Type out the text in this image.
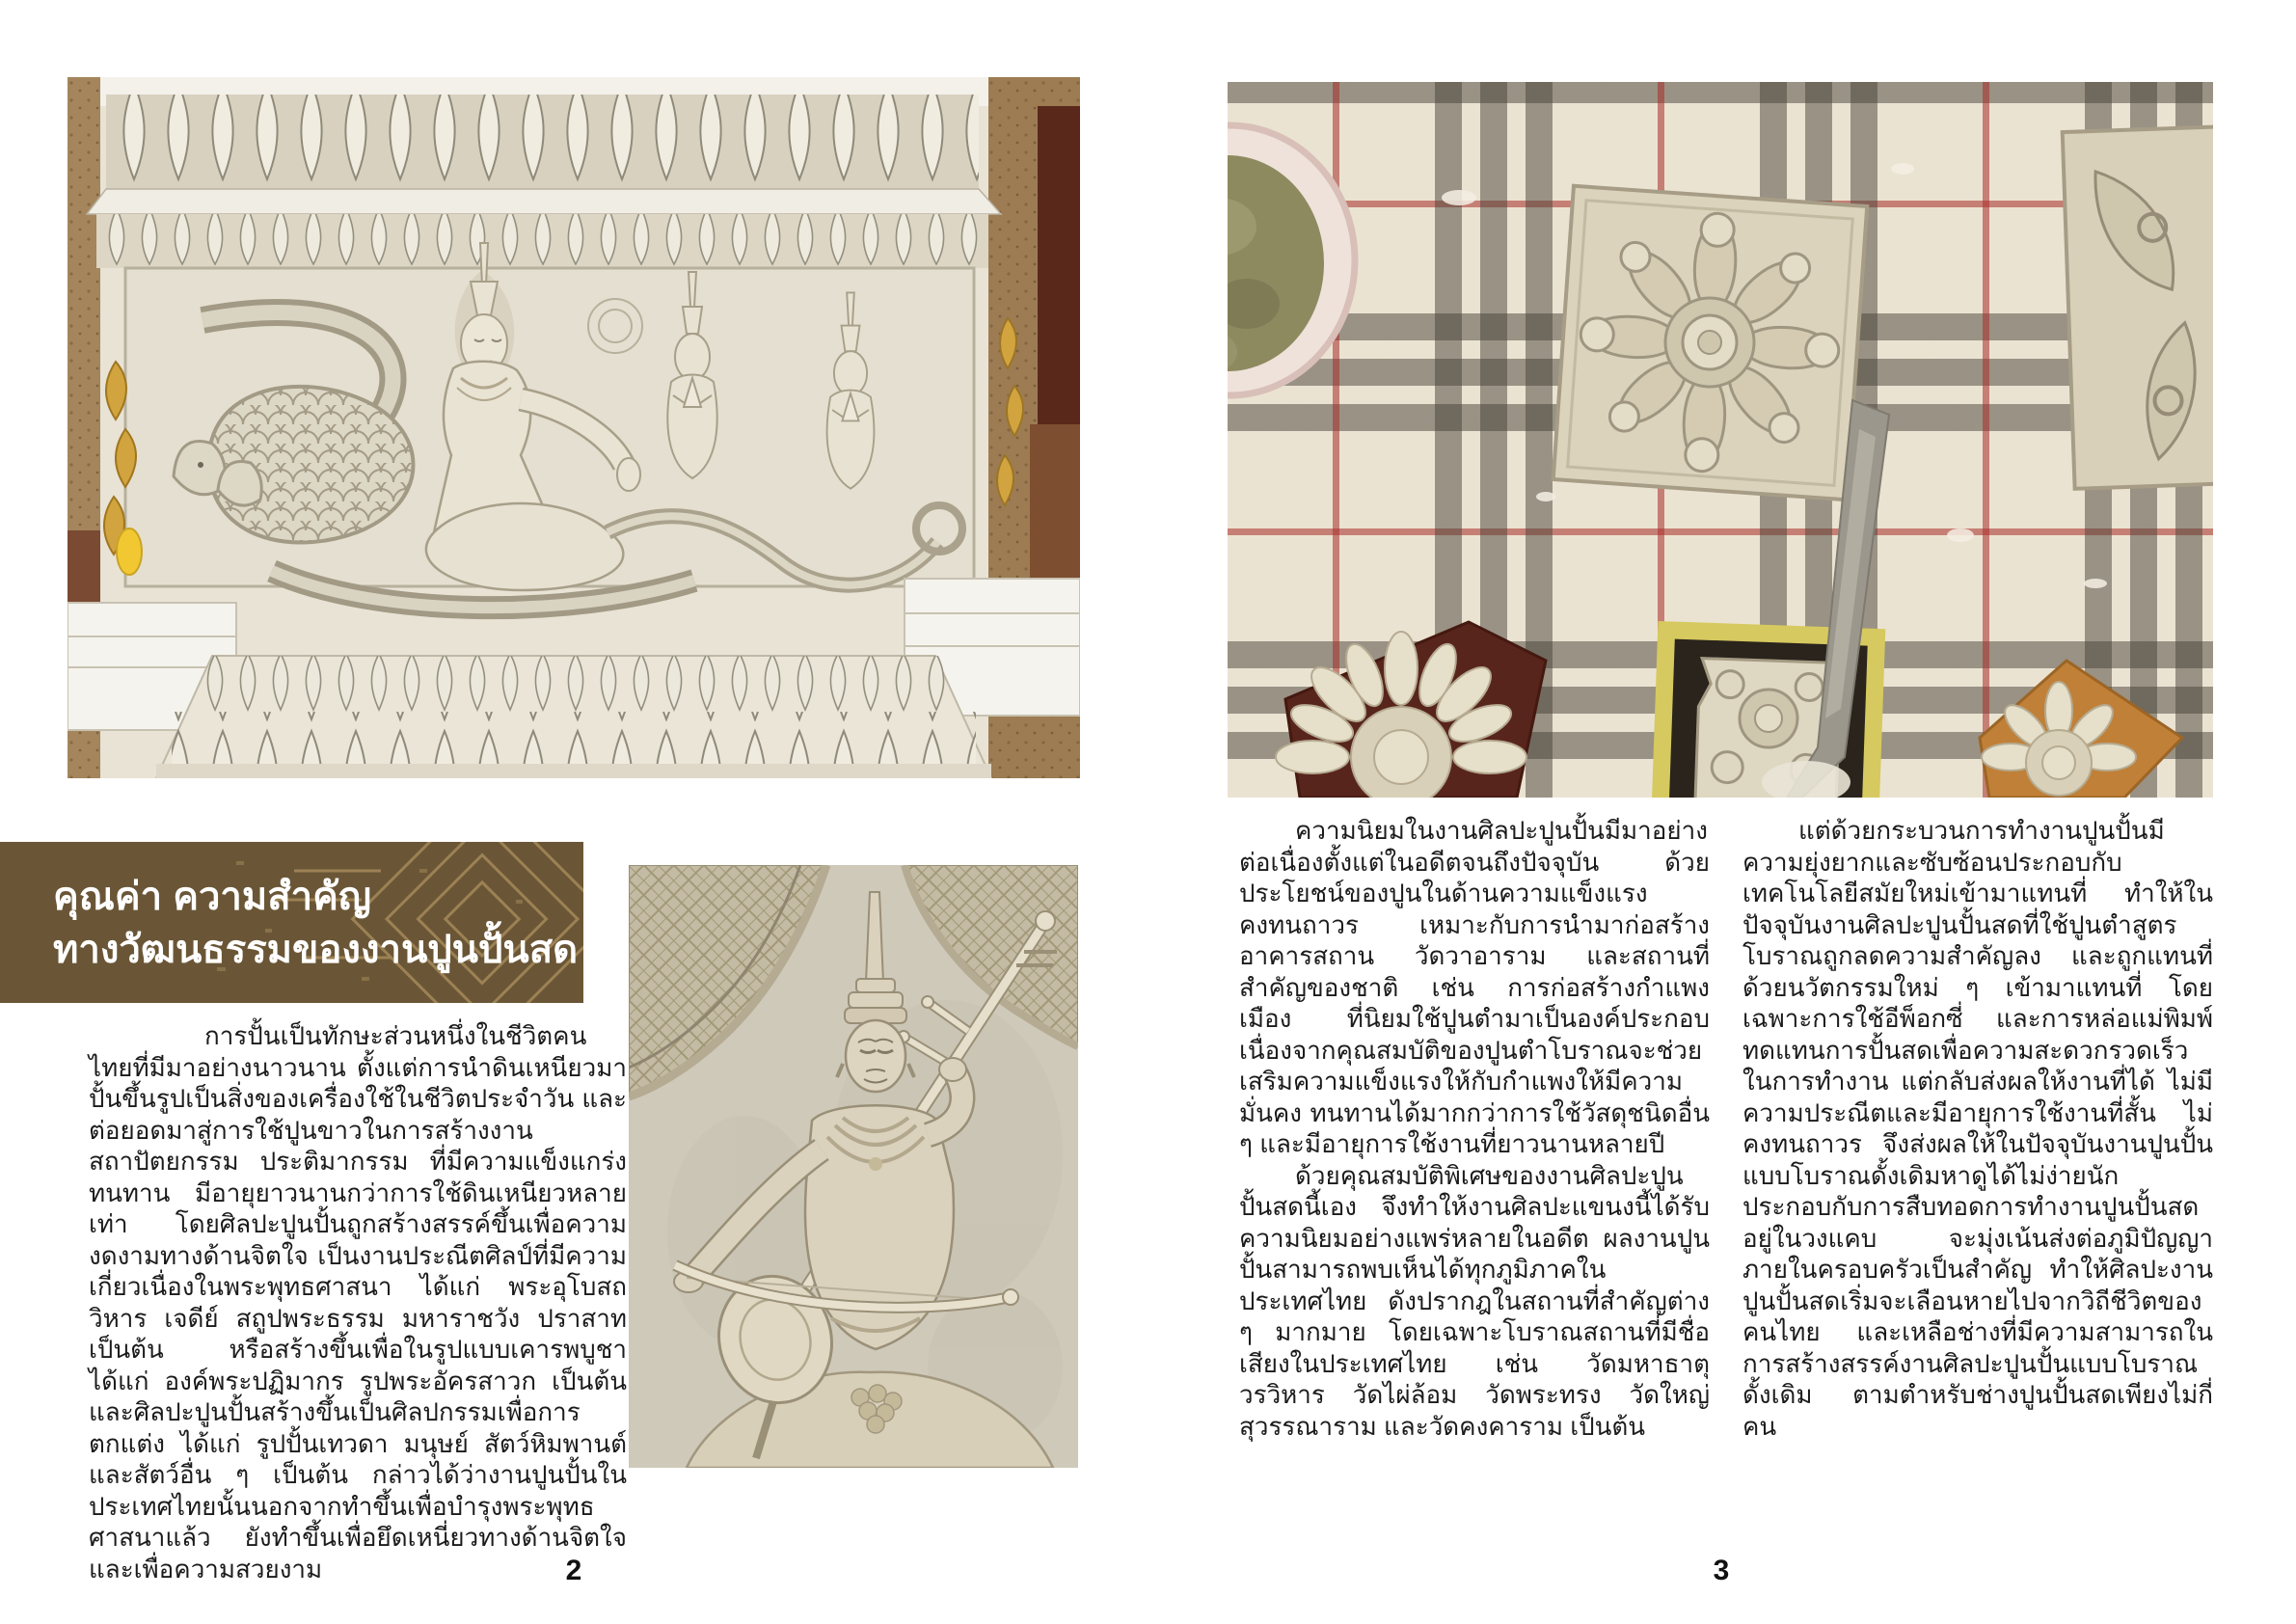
คุณค่า ความสำคัญ
ทางวัฒนธรรมของงานปูนปั้นสด

การปั้นเป็นทักษะส่วนหนึ่งในชีวิตคนไทยที่มีมาอย่างนาวนาน ตั้งแต่การนำดินเหนียวมาปั้นขึ้นรูปเป็นสิ่งของเครื่องใช้ในชีวิตประจำวัน และต่อยอดมาสู่การใช้ปูนขาวในการสร้างงานสถาปัตยกรรม ประติมากรรม ที่มีความแข็งแกร่งทนทาน มีอายุยาวนานกว่าการใช้ดินเหนียวหลายเท่า โดยศิลปะปูนปั้นถูกสร้างสรรค์ขึ้นเพื่อความงดงามทางด้านจิตใจ เป็นงานประณีตศิลป์ที่มีความเกี่ยวเนื่องในพระพุทธศาสนา ได้แก่ พระอุโบสถ วิหาร เจดีย์ สถูปพระธรรม มหาราชวัง ปราสาท เป็นต้น หรือสร้างขึ้นเพื่อในรูปแบบเคารพบูชา ได้แก่ องค์พระปฏิมากร รูปพระอัครสาวก เป็นต้น และศิลปะปูนปั้นสร้างขึ้นเป็นศิลปกรรมเพื่อการตกแต่ง ได้แก่ รูปปั้นเทวดา มนุษย์ สัตว์หิมพานต์ และสัตว์อื่น ๆ เป็นต้น กล่าวได้ว่างานปูนปั้นในประเทศไทยนั้นนอกจากทำขึ้นเพื่อบำรุงพระพุทธศาสนาแล้ว ยังทำขึ้นเพื่อยึดเหนี่ยวทางด้านจิตใจ และเพื่อความสวยงาม	2

ความนิยมในงานศิลปะปูนปั้นมีมาอย่างต่อเนื่องตั้งแต่ในอดีตจนถึงปัจจุบัน ด้วยประโยชน์ของปูนในด้านความแข็งแรง คงทนถาวร เหมาะกับการนำมาก่อสร้างอาคารสถาน วัดวาอาราม และสถานที่สำคัญของชาติ เช่น การก่อสร้างกำแพงเมือง ที่นิยมใช้ปูนตำมาเป็นองค์ประกอบ เนื่องจากคุณสมบัติของปูนตำโบราณจะช่วยเสริมความแข็งแรงให้กับกำแพงให้มีความมั่นคง ทนทานได้มากกว่าการใช้วัสดุชนิดอื่น ๆ และมีอายุการใช้งานที่ยาวนานหลายปี

ด้วยคุณสมบัติพิเศษของงานศิลปะปูนปั้นสดนี้เอง จึงทำให้งานศิลปะแขนงนี้ได้รับความนิยมอย่างแพร่หลายในอดีต ผลงานปูนปั้นสามารถพบเห็นได้ทุกภูมิภาคในประเทศไทย ดังปรากฎในสถานที่สำคัญต่าง ๆ มากมาย โดยเฉพาะโบราณสถานที่มีชื่อเสียงในประเทศไทย เช่น วัดมหาธาตุวรวิหาร วัดไผ่ล้อม วัดพระทรง วัดใหญ่สุวรรณาราม และวัดคงคาราม เป็นต้น

แต่ด้วยกระบวนการทำงานปูนปั้นมีความยุ่งยากและซับซ้อนประกอบกับเทคโนโลยีสมัยใหม่เข้ามาแทนที่ ทำให้ในปัจจุบันงานศิลปะปูนปั้นสดที่ใช้ปูนตำสูตรโบราณถูกลดความสำคัญลง และถูกแทนที่ด้วยนวัตกรรมใหม่ ๆ เข้ามาแทนที่ โดยเฉพาะการใช้อีพ็อกซี่ และการหล่อแม่พิมพ์ทดแทนการปั้นสดเพื่อความสะดวกรวดเร็วในการทำงาน แต่กลับส่งผลให้งานที่ได้ ไม่มีความประณีตและมีอายุการใช้งานที่สั้น ไม่คงทนถาวร จึงส่งผลให้ในปัจจุบันงานปูนปั้นแบบโบราณดั้งเดิมหาดูได้ไม่ง่ายนัก ประกอบกับการสืบทอดการทำงานปูนปั้นสด อยู่ในวงแคบ จะมุ่งเน้นส่งต่อภูมิปัญญาภายในครอบครัวเป็นสำคัญ ทำให้ศิลปะงานปูนปั้นสดเริ่มจะเลือนหายไปจากวิถีชีวิตของคนไทย และเหลือช่างที่มีความสามารถในการสร้างสรรค์งานศิลปะปูนปั้นแบบโบราณดั้งเดิม ตามตำหรับช่างปูนปั้นสดเพียงไม่กี่คน

3
